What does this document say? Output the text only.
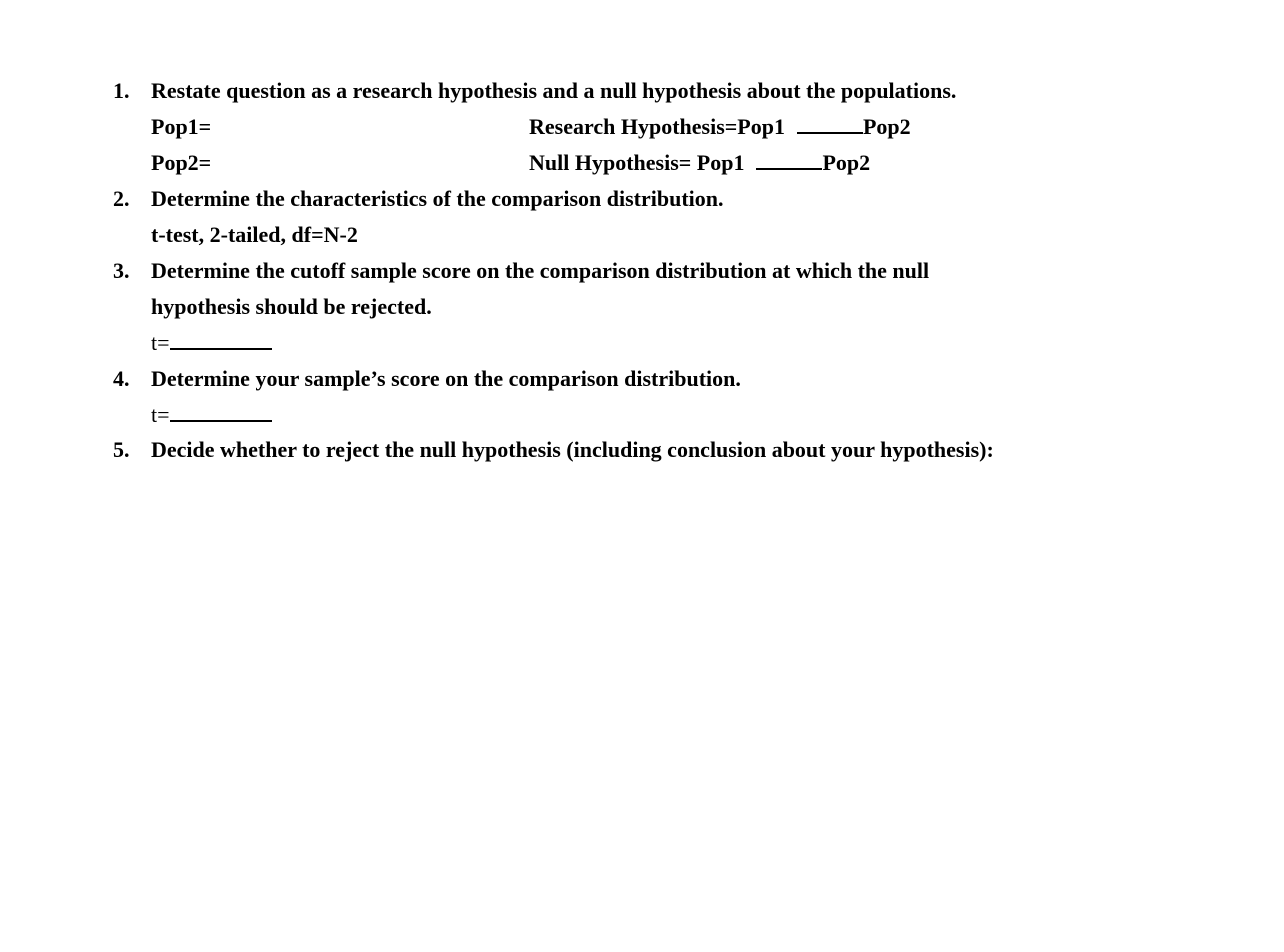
1. Restate question as a research hypothesis and a null hypothesis about the populations.
Pop1=	Research Hypothesis=Pop1	Pop2
Pop2=	Null Hypothesis= Pop1	Pop2
2. Determine the characteristics of the comparison distribution.
t-test, 2-tailed, df=N-2
3. Determine the cutoff sample score on the comparison distribution at which the null
hypothesis should be rejected.
t=
4. Determine your sample’s score on the comparison distribution.
t=
5. Decide whether to reject the null hypothesis (including conclusion about your hypothesis):
